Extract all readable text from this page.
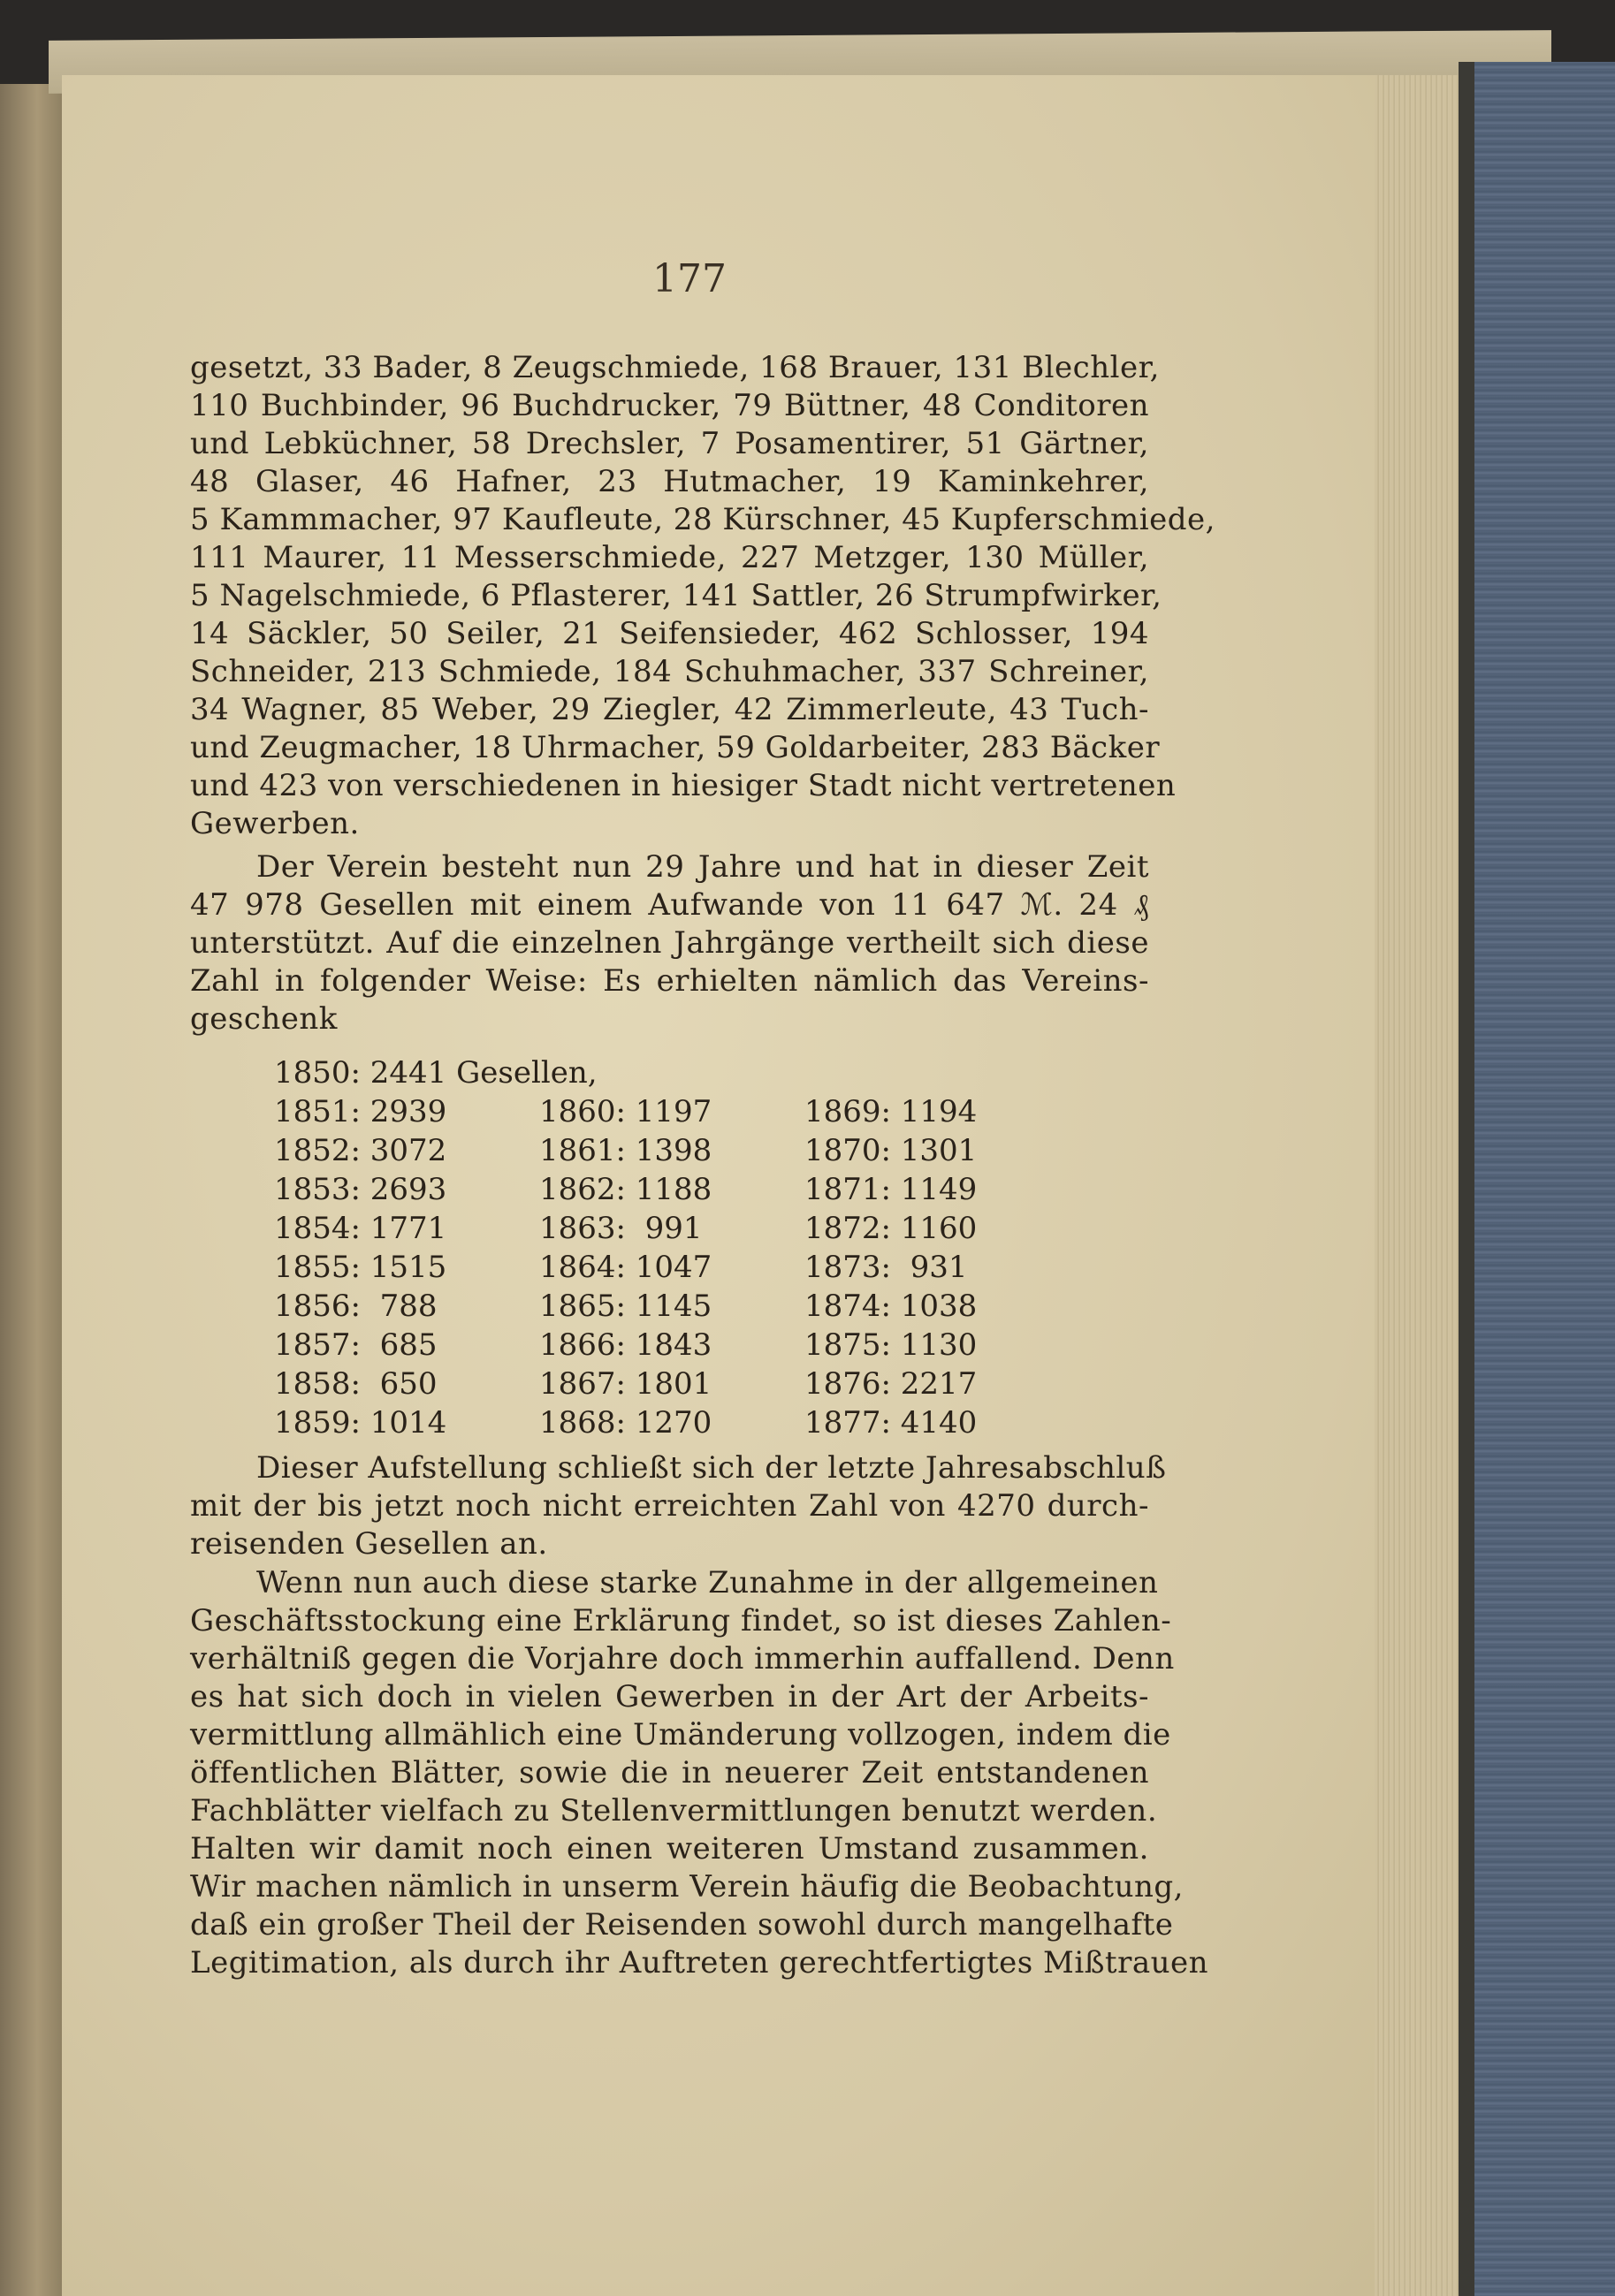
177
gesetzt, 33 Bader, 8 Zeugschmiede, 168 Brauer, 131 Blechler,
110 Buchbinder, 96 Buchdrucker, 79 Büttner, 48 Conditoren
und Lebküchner, 58 Drechsler, 7 Posamentirer, 51 Gärtner,
48 Glaser, 46 Hafner, 23 Hutmacher, 19 Kaminkehrer,
5 Kammmacher, 97 Kaufleute, 28 Kürschner, 45 Kupferschmiede,
111 Maurer, 11 Messerschmiede, 227 Metzger, 130 Müller,
5 Nagelschmiede, 6 Pflasterer, 141 Sattler, 26 Strumpfwirker,
14 Säckler, 50 Seiler, 21 Seifensieder, 462 Schlosser, 194
Schneider, 213 Schmiede, 184 Schuhmacher, 337 Schreiner,
34 Wagner, 85 Weber, 29 Ziegler, 42 Zimmerleute, 43 Tuch-
und Zeugmacher, 18 Uhrmacher, 59 Goldarbeiter, 283 Bäcker
und 423 von verschiedenen in hiesiger Stadt nicht vertretenen
Gewerben.
Der Verein besteht nun 29 Jahre und hat in dieser Zeit
47 978 Gesellen mit einem Aufwande von 11 647 ℳ. 24 ₰
unterstützt. Auf die einzelnen Jahrgänge vertheilt sich diese
Zahl in folgender Weise: Es erhielten nämlich das Vereins-
geschenk
1850: 2441 Gesellen,
1851: 2939	1860: 1197	1869: 1194
1852: 3072	1861: 1398	1870: 1301
1853: 2693	1862: 1188	1871: 1149
1854: 1771	1863:  991	1872: 1160
1855: 1515	1864: 1047	1873:  931
1856:  788	1865: 1145	1874: 1038
1857:  685	1866: 1843	1875: 1130
1858:  650	1867: 1801	1876: 2217
1859: 1014	1868: 1270	1877: 4140
Dieser Aufstellung schließt sich der letzte Jahresabschluß
mit der bis jetzt noch nicht erreichten Zahl von 4270 durch-
reisenden Gesellen an.
Wenn nun auch diese starke Zunahme in der allgemeinen
Geschäftsstockung eine Erklärung findet, so ist dieses Zahlen-
verhältniß gegen die Vorjahre doch immerhin auffallend. Denn
es hat sich doch in vielen Gewerben in der Art der Arbeits-
vermittlung allmählich eine Umänderung vollzogen, indem die
öffentlichen Blätter, sowie die in neuerer Zeit entstandenen
Fachblätter vielfach zu Stellenvermittlungen benutzt werden.
Halten wir damit noch einen weiteren Umstand zusammen.
Wir machen nämlich in unserm Verein häufig die Beobachtung,
daß ein großer Theil der Reisenden sowohl durch mangelhafte
Legitimation, als durch ihr Auftreten gerechtfertigtes Mißtrauen
